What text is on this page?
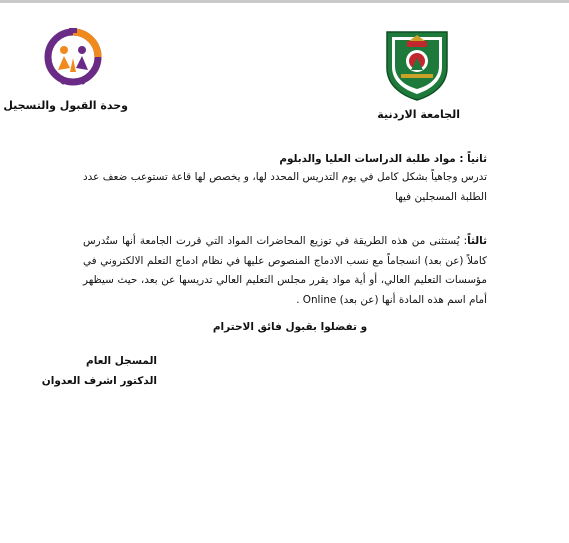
الجامعة الاردنية
وحدة القبول والتسجيل
ثانياً : مواد طلبة الدراسات العليا والدبلوم
تدرس وجاهياً بشكل كامل في يوم التدريس المحدد لها، و يخصص لها قاعة تستوعب ضعف عدد الطلبة المسجلين فيها
ثالثاً: يُستثنى من هذه الطريقة في توزيع المحاضرات المواد التي قررت الجامعة أنها ستُدرس كاملاً (عن بعد) انسجاماً مع نسب الادماج المنصوص عليها في نظام ادماج التعلم الالكتروني في مؤسسات التعليم العالي، أو أية مواد يقرر مجلس التعليم العالي تدريسها عن بعد، حيث سيظهر أمام اسم هذه المادة أنها (عن بعد) Online .
و تفضلوا بقبول فائق الاحترام
المسجل العام
الدكتور اشرف العدوان
